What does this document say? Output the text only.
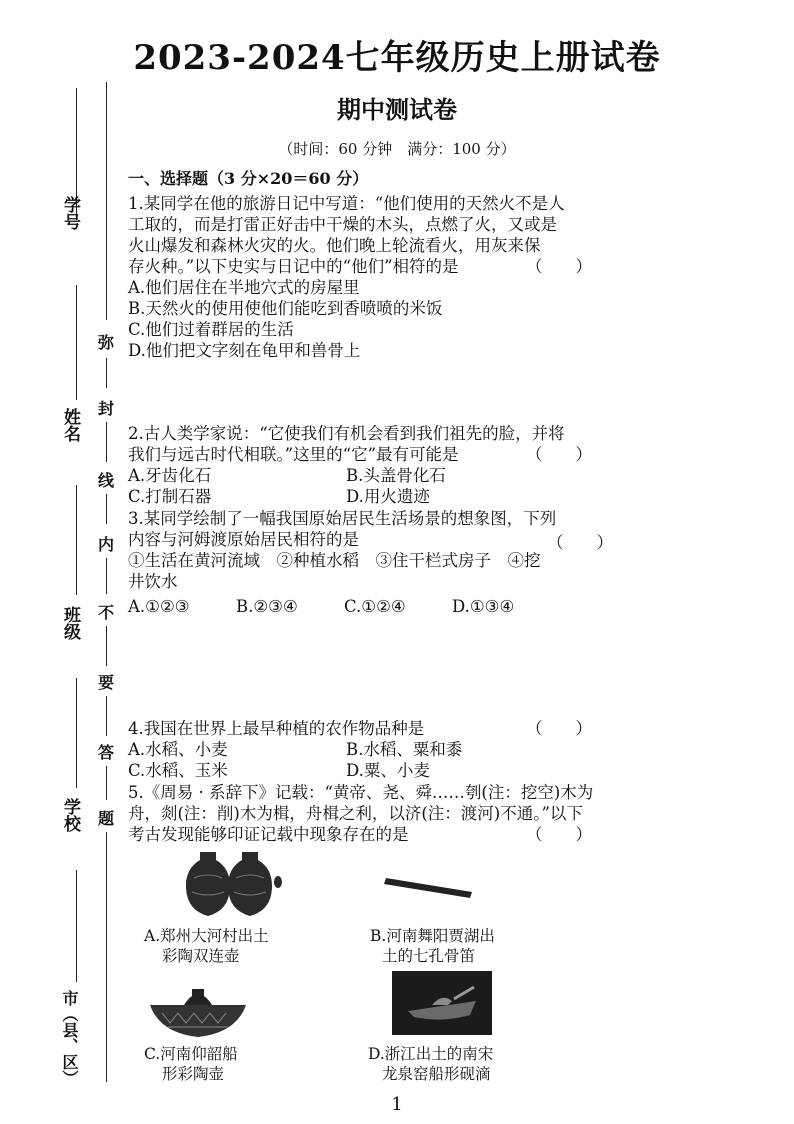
2023-2024七年级历史上册试卷
期中测试卷
（时间：60 分钟　满分：100 分）
一、选择题（3 分×20＝60 分）
学号
姓名
班级
学校
市（县、区）
弥
封
线
内
不
要
答
题
1.某同学在他的旅游日记中写道：“他们使用的天然火不是人
工取的，而是打雷正好击中干燥的木头，点燃了火，又或是
火山爆发和森林火灾的火。他们晚上轮流看火，用灰来保
存火种。”以下史实与日记中的“他们”相符的是	（　　）
A.他们居住在半地穴式的房屋里
B.天然火的使用使他们能吃到香喷喷的米饭
C.他们过着群居的生活
D.他们把文字刻在龟甲和兽骨上
2.古人类学家说：“它使我们有机会看到我们祖先的脸，并将
我们与远古时代相联。”这里的“它”最有可能是	（　　）
A.牙齿化石	B.头盖骨化石
C.打制石器	D.用火遗迹
3.某同学绘制了一幅我国原始居民生活场景的想象图，下列
内容与河姆渡原始居民相符的是
①生活在黄河流域　②种植水稻　③住干栏式房子　④挖
井饮水
A.①②③	B.②③④	C.①②④	D.①③④
（　　）
4.我国在世界上最早种植的农作物品种是	（　　）
A.水稻、小麦	B.水稻、粟和黍
C.水稻、玉米	D.粟、小麦
5.《周易 · 系辞下》记载：“黄帝、尧、舜……刳(注：挖空)木为
舟，剡(注：削)木为楫，舟楫之利，以济(注：渡河)不通。”以下
考古发现能够印证记载中现象存在的是	（　　）
A.郑州大河村出土
彩陶双连壶
B.河南舞阳贾湖出
土的七孔骨笛
C.河南仰韶船
形彩陶壶
D.浙江出土的南宋
龙泉窑船形砚滴
1
